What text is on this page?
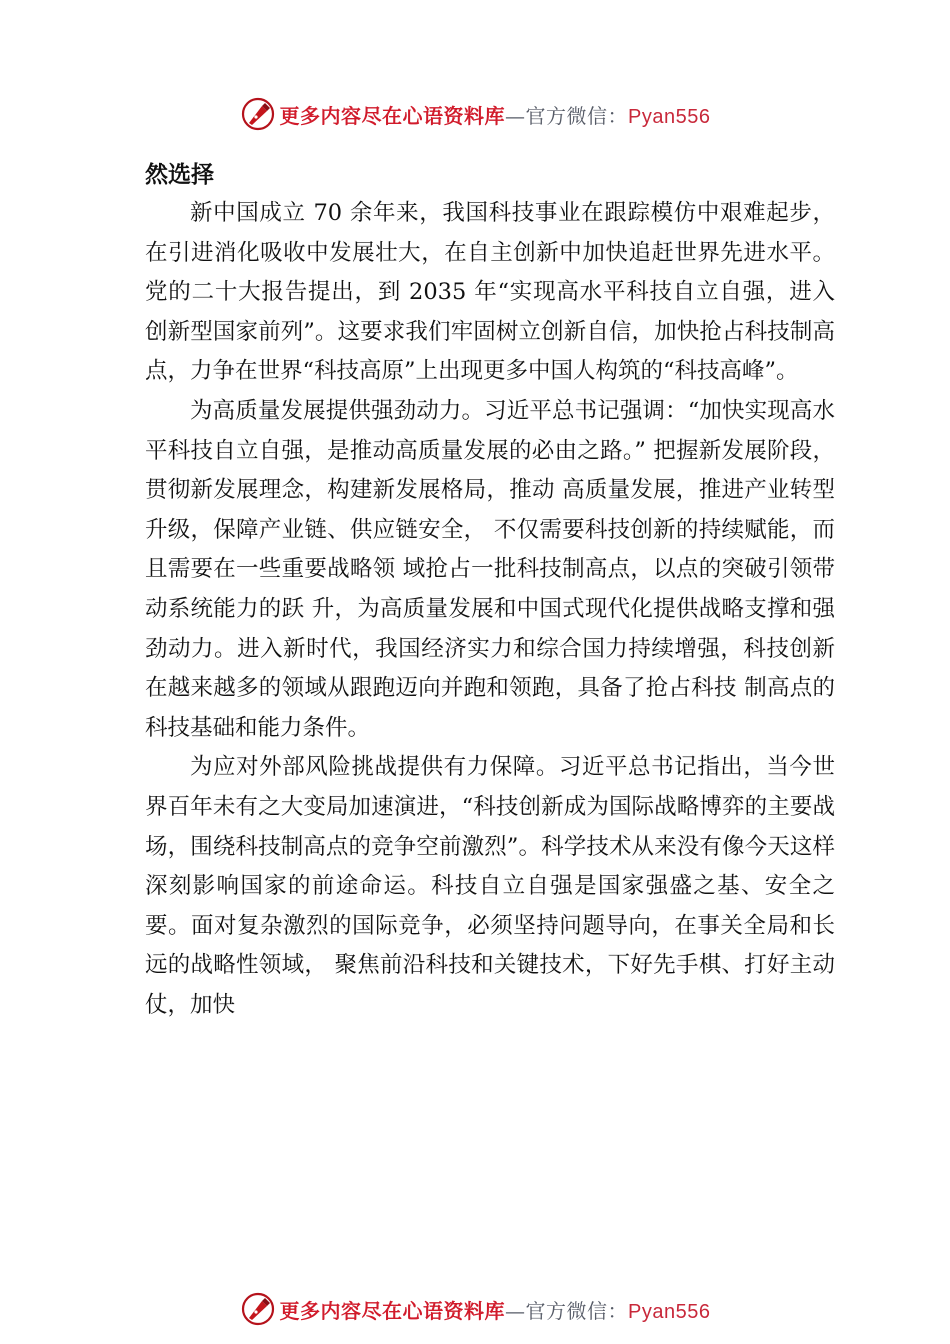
更多内容尽在心语资料库—官方微信：Pyan556
然选择

新中国成立 70 余年来，我国科技事业在跟踪模仿中艰难起步，在引进消化吸收中发展壮大，在自主创新中加快追赶世界先进水平。党的二十大报告提出，到 2035 年“实现高水平科技自立自强，进入创新型国家前列”。这要求我们牢固树立创新自信，加快抢占科技制高点，力争在世界“科技高原”上出现更多中国人构筑的“科技高峰”。

为高质量发展提供强劲动力。习近平总书记强调：“加快实现高水平科技自立自强，是推动高质量发展的必由之路。” 把握新发展阶段，贯彻新发展理念，构建新发展格局，推动 高质量发展，推进产业转型升级，保障产业链、供应链安全， 不仅需要科技创新的持续赋能，而且需要在一些重要战略领 域抢占一批科技制高点，以点的突破引领带动系统能力的跃 升，为高质量发展和中国式现代化提供战略支撑和强劲动力。进入新时代，我国经济实力和综合国力持续增强，科技创新 在越来越多的领域从跟跑迈向并跑和领跑，具备了抢占科技 制高点的科技基础和能力条件。

为应对外部风险挑战提供有力保障。习近平总书记指出，当今世界百年未有之大变局加速演进，“科技创新成为国际战略博弈的主要战场，围绕科技制高点的竞争空前激烈”。科学技术从来没有像今天这样深刻影响国家的前途命运。科技自立自强是国家强盛之基、安全之要。面对复杂激烈的国际竞争，必须坚持问题导向，在事关全局和长远的战略性领域， 聚焦前沿科技和关键技术，下好先手棋、打好主动仗，加快

更多内容尽在心语资料库—官方微信：Pyan556
